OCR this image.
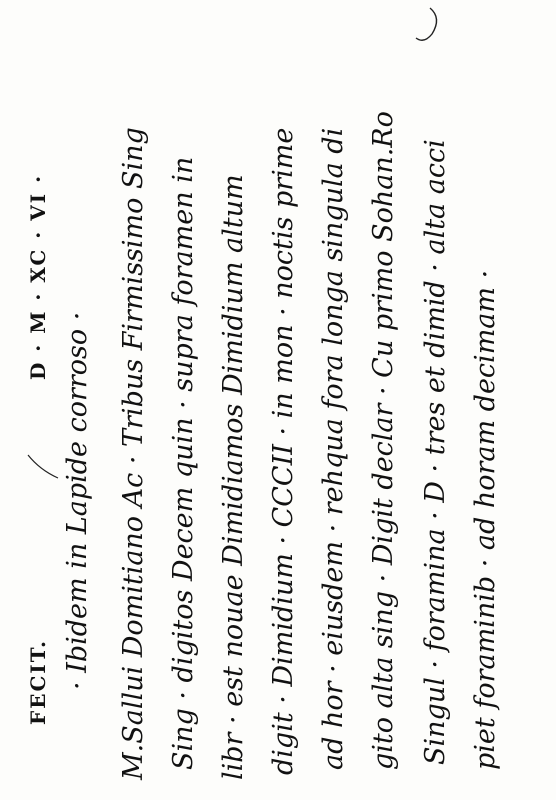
FECIT.
D · M · XC · VI ·
· Ibidem in Lapide corroso · M.Sallui Domitiano Ac · Tribus Firmissimo Sing Sing · digitos Decem quin · supra foramen in libr · est nouae Dimidiamos Dimidium altum digit · Dimidium · CCCII · in mon · noctis prime ad hor · eiusdem · rehqua fora longa singula di gito alta sing · Digit declar · Cu primo Sohan.Ro Singul · foramina · D · tres et dimid · alta acci piet foraminib · ad horam decimam ·
